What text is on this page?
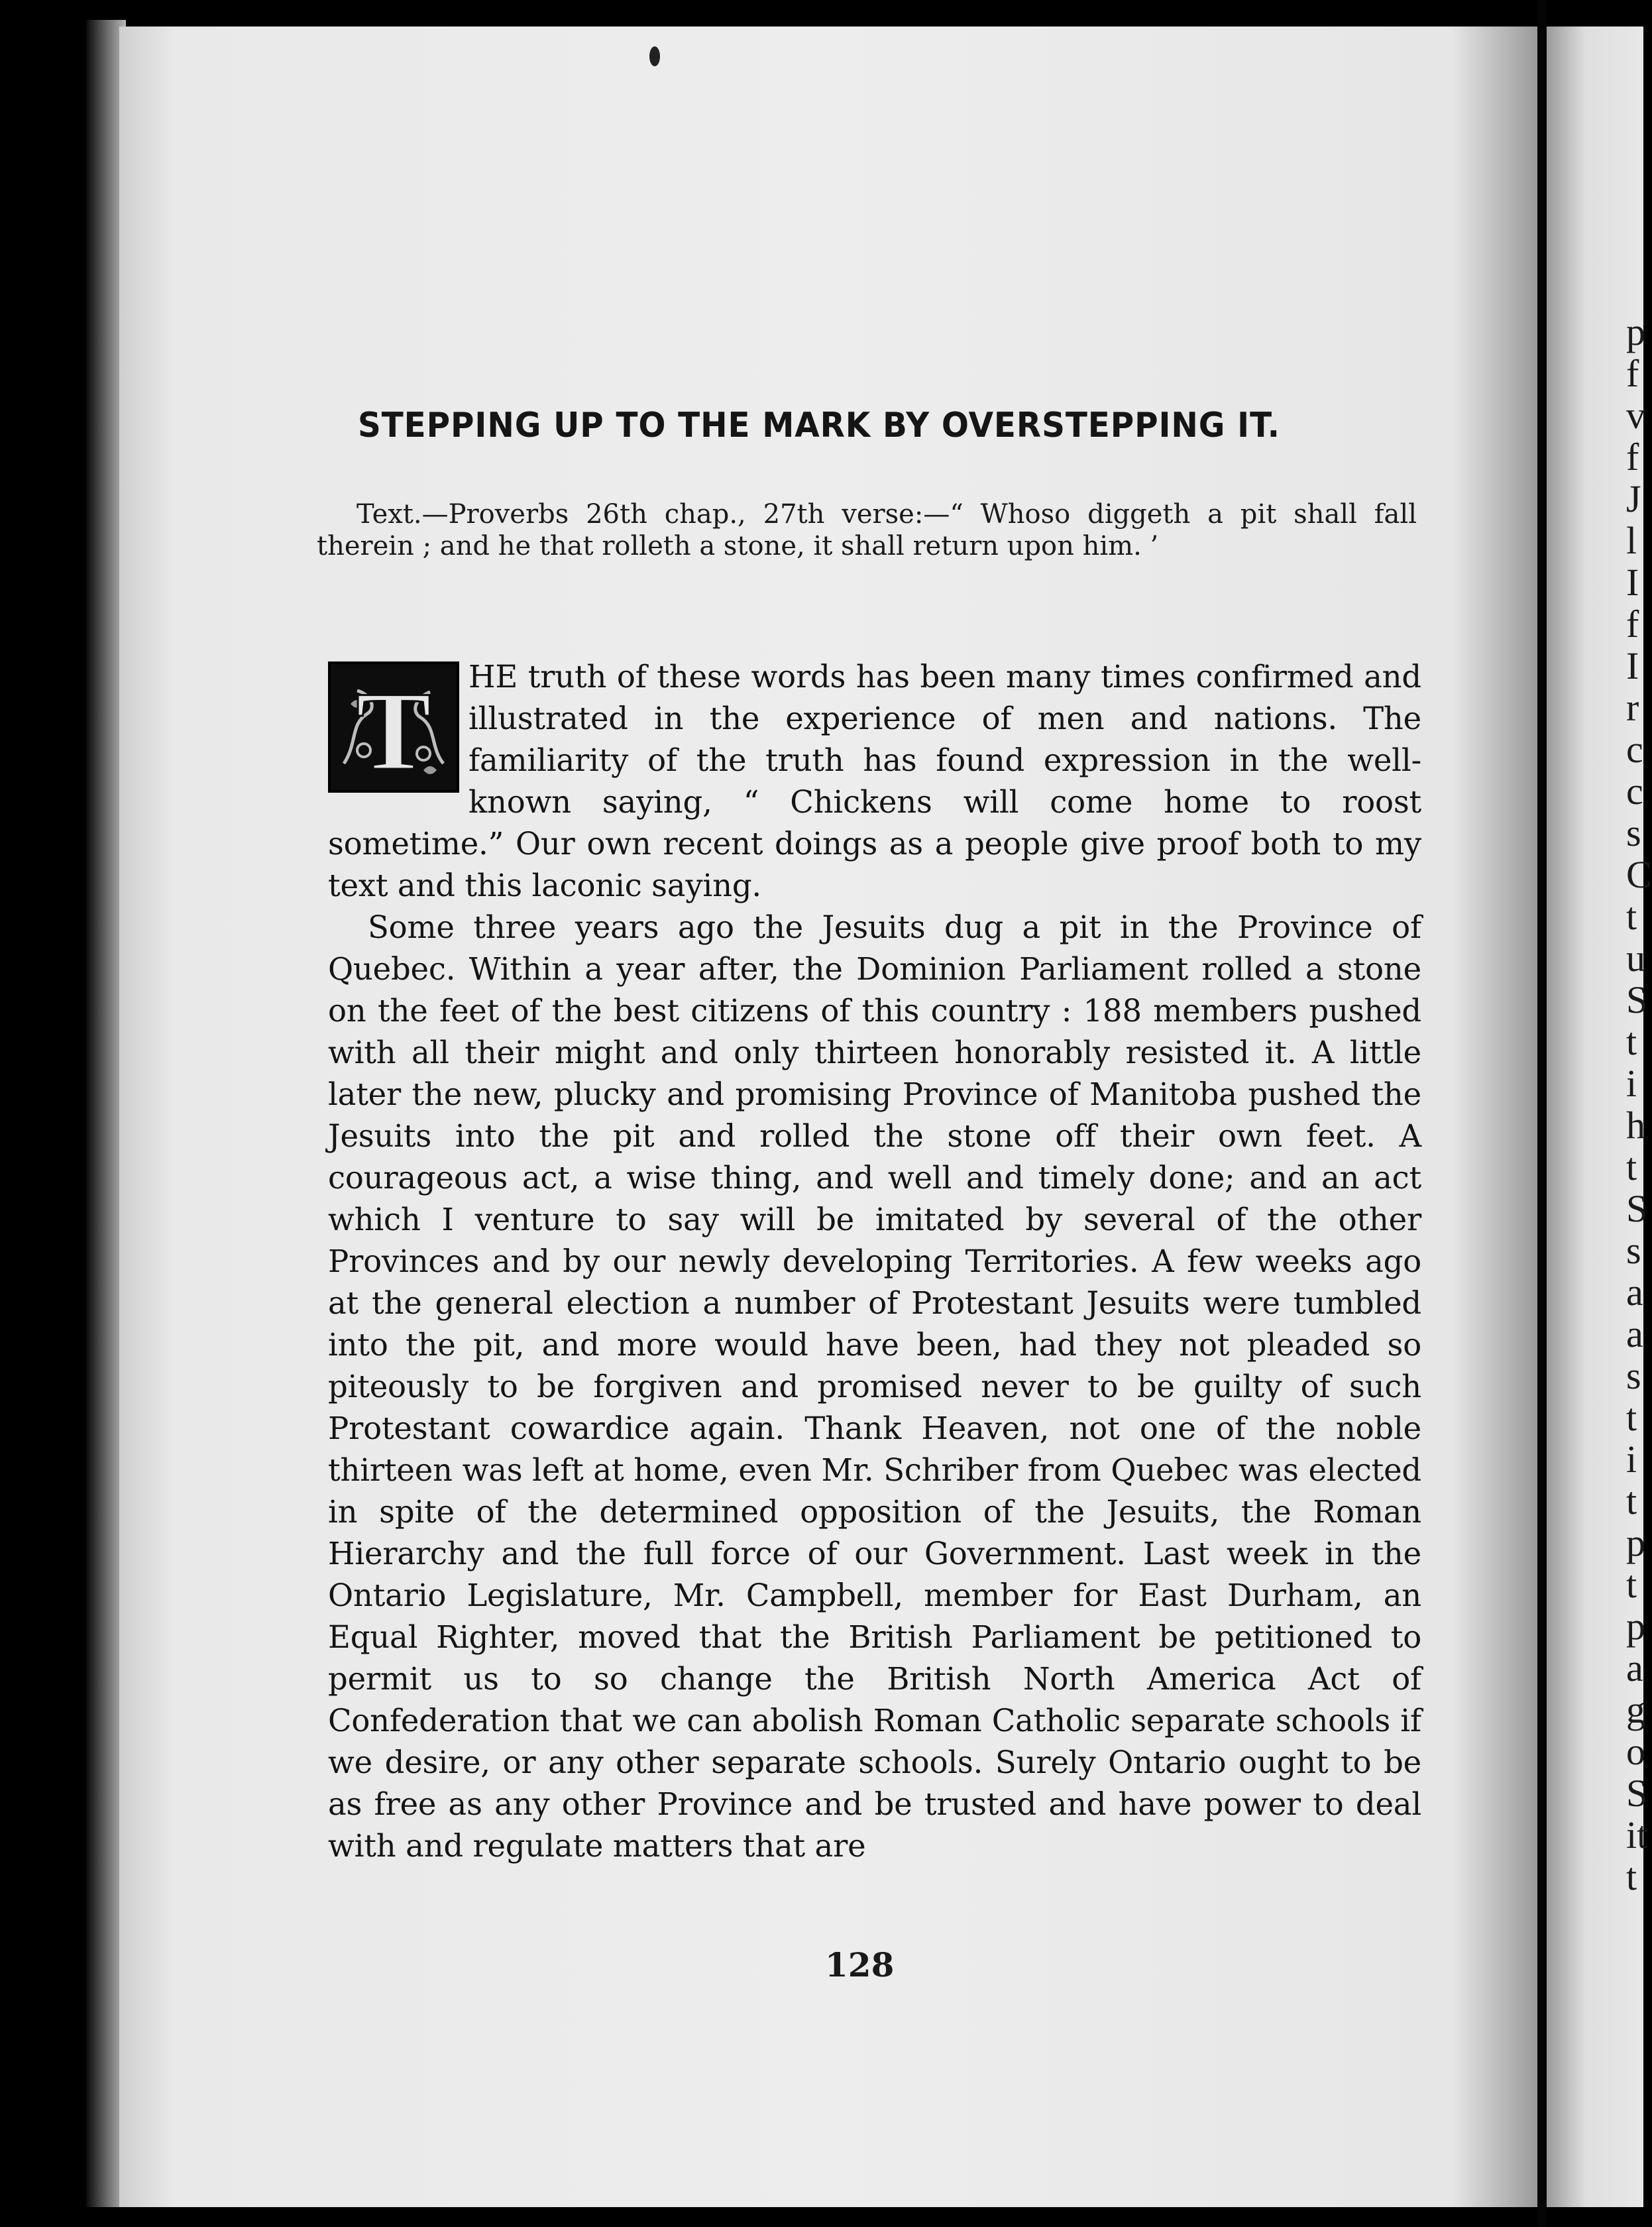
STEPPING UP TO THE MARK BY OVERSTEPPING IT.

Text.—Proverbs 26th chap., 27th verse:—“ Whoso diggeth a pit shall fall therein ; and he that rolleth a stone, it shall return upon him. ’

T HE truth of these words has been many times confirmed and illustrated in the experience of men and nations. The familiarity of the truth has found expression in the well-known saying, “ Chickens will come home to roost sometime.” Our own recent doings as a people give proof both to my text and this laconic saying.

Some three years ago the Jesuits dug a pit in the Province of Quebec. Within a year after, the Dominion Parliament rolled a stone on the feet of the best citizens of this country : 188 members pushed with all their might and only thirteen honorably resisted it. A little later the new, plucky and promising Province of Manitoba pushed the Jesuits into the pit and rolled the stone off their own feet. A courageous act, a wise thing, and well and timely done; and an act which I venture to say will be imitated by several of the other Provinces and by our newly developing Territories. A few weeks ago at the general election a number of Protestant Jesuits were tumbled into the pit, and more would have been, had they not pleaded so piteously to be forgiven and promised never to be guilty of such Protestant cowardice again. Thank Heaven, not one of the noble thirteen was left at home, even Mr. Schriber from Quebec was elected in spite of the determined opposition of the Jesuits, the Roman Hierarchy and the full force of our Government. Last week in the Ontario Legislature, Mr. Campbell, member for East Durham, an Equal Righter, moved that the British Parliament be petitioned to permit us to so change the British North America Act of Confederation that we can abolish Roman Catholic separate schools if we desire, or any other separate schools. Surely Ontario ought to be as free as any other Province and be trusted and have power to deal with and regulate matters that are

128
p
f
v
f
J
l
I
f
I
r
c
c
s
C
t
u
S
t
i
h
t
S
s
a
a
s
t
i
t
p
t
p
a
g
o
S
it
t
